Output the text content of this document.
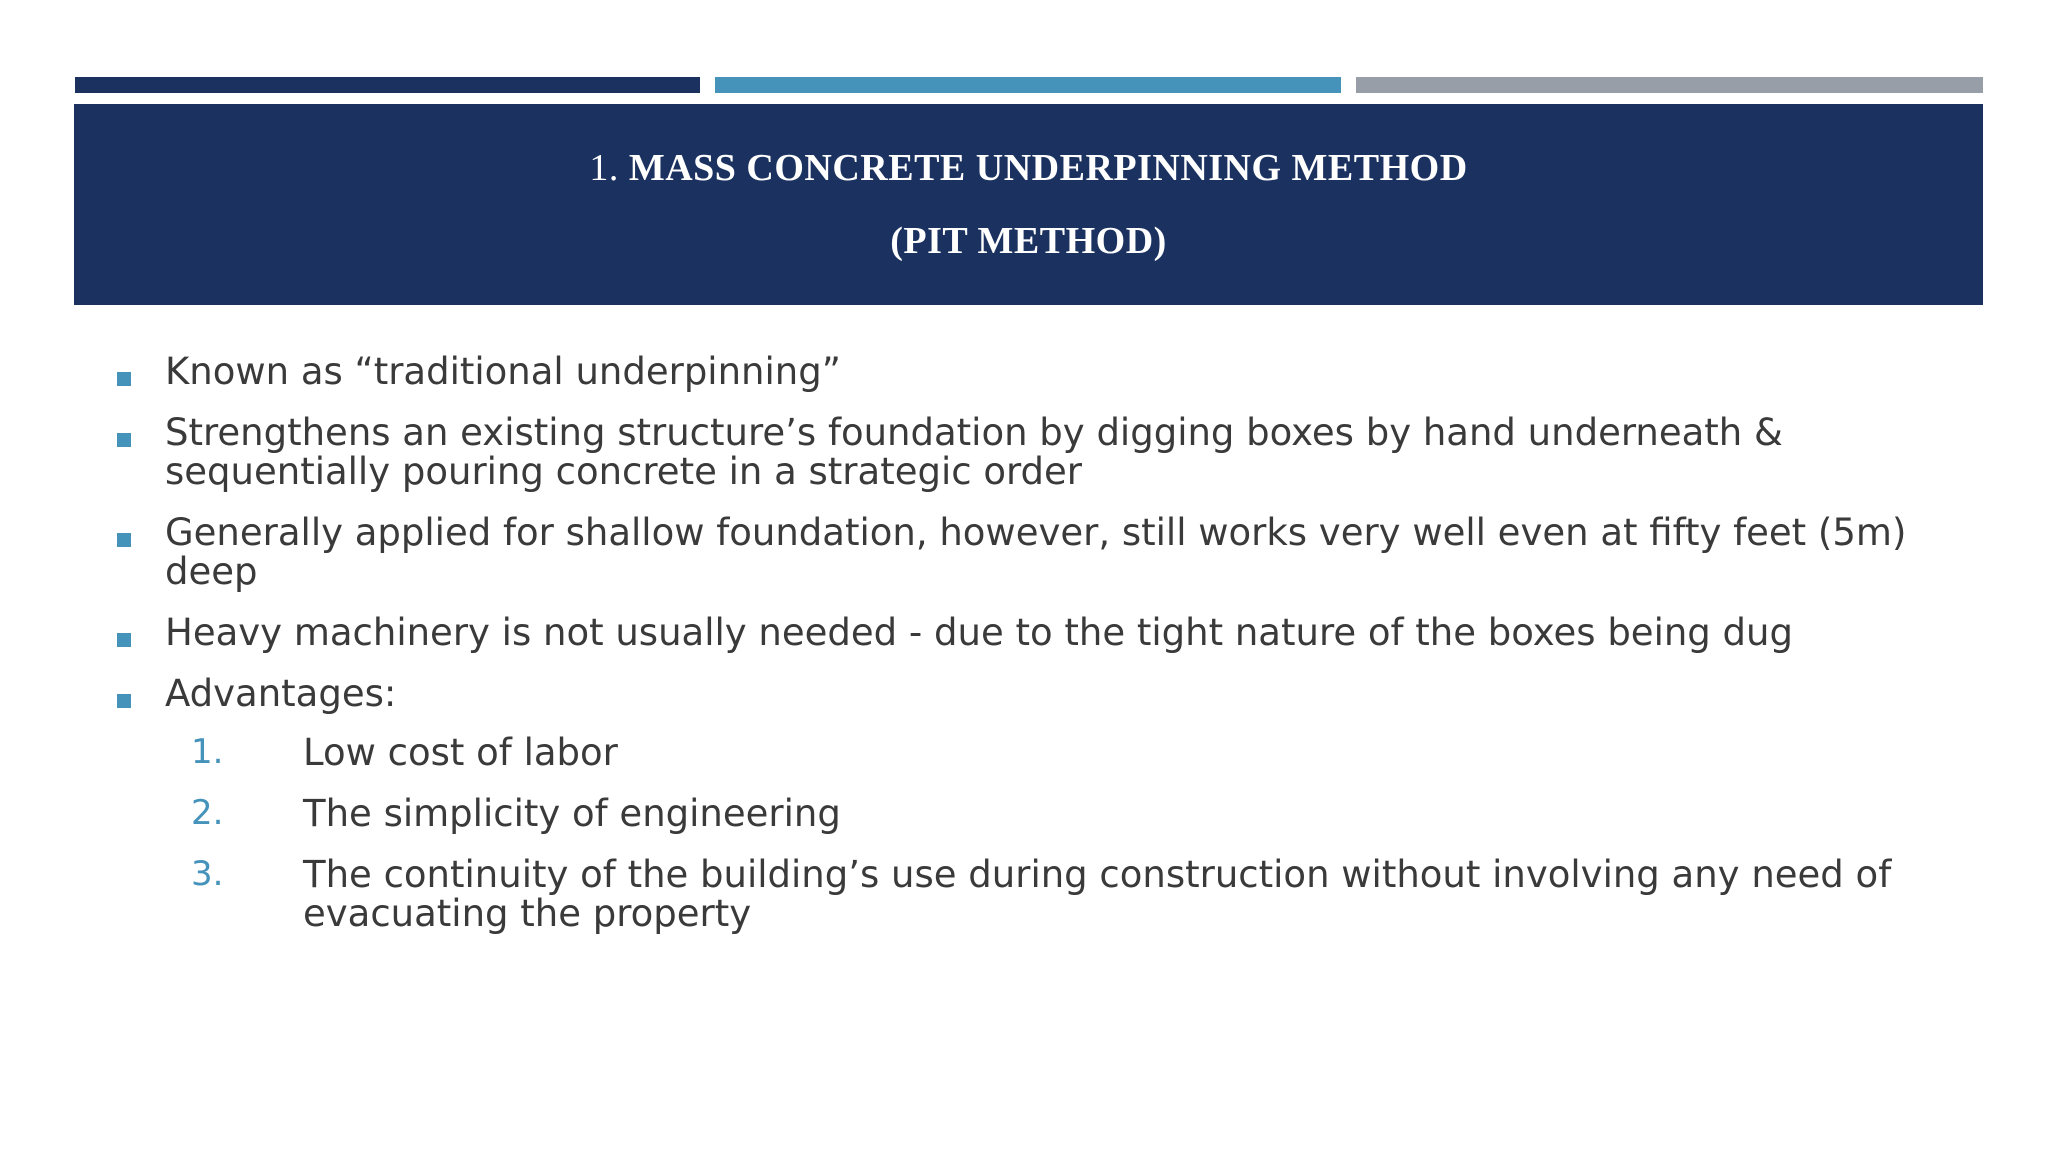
1. MASS CONCRETE UNDERPINNING METHOD
(PIT METHOD)
Known as “traditional underpinning”
Strengthens an existing structure’s foundation by digging boxes by hand underneath & sequentially pouring concrete in a strategic order
Generally applied for shallow foundation, however, still works very well even at fifty feet (5m) deep
Heavy machinery is not usually needed - due to the tight nature of the boxes being dug
Advantages:
1. Low cost of labor
2. The simplicity of engineering
3. The continuity of the building’s use during construction without involving any need of evacuating the property
